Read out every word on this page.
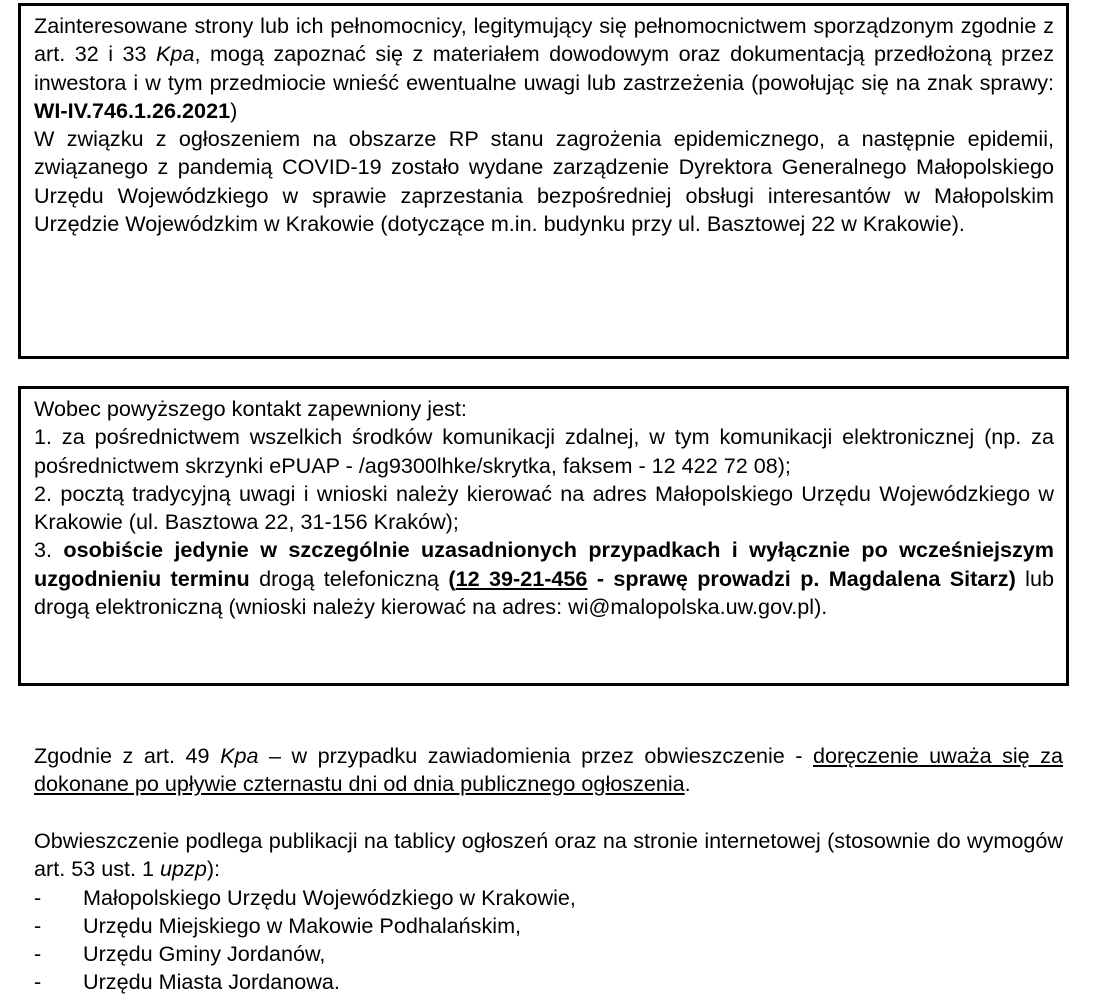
Zainteresowane strony lub ich pełnomocnicy, legitymujący się pełnomocnictwem sporządzonym zgodnie z art. 32 i 33 Kpa, mogą zapoznać się z materiałem dowodowym oraz dokumentacją przedłożoną przez inwestora i w tym przedmiocie wnieść ewentualne uwagi lub zastrzeżenia (powołując się na znak sprawy: WI-IV.746.1.26.2021)

W związku z ogłoszeniem na obszarze RP stanu zagrożenia epidemicznego, a następnie epidemii, związanego z pandemią COVID-19 zostało wydane zarządzenie Dyrektora Generalnego Małopolskiego Urzędu Wojewódzkiego w sprawie zaprzestania bezpośredniej obsługi interesantów w Małopolskim Urzędzie Wojewódzkim w Krakowie (dotyczące m.in. budynku przy ul. Basztowej 22 w Krakowie).

Wobec powyższego kontakt zapewniony jest:

1. za pośrednictwem wszelkich środków komunikacji zdalnej, w tym komunikacji elektronicznej (np. za pośrednictwem skrzynki ePUAP - /ag9300lhke/skrytka, faksem - 12 422 72 08);

2. pocztą tradycyjną uwagi i wnioski należy kierować na adres Małopolskiego Urzędu Wojewódzkiego w Krakowie (ul. Basztowa 22, 31-156 Kraków);

3. osobiście jedynie w szczególnie uzasadnionych przypadkach i wyłącznie po wcześniejszym uzgodnieniu terminu drogą telefoniczną (12 39-21-456 - sprawę prowadzi p. Magdalena Sitarz) lub drogą elektroniczną (wnioski należy kierować na adres: wi@malopolska.uw.gov.pl).

Zgodnie z art. 49 Kpa – w przypadku zawiadomienia przez obwieszczenie - doręczenie uważa się za dokonane po upływie czternastu dni od dnia publicznego ogłoszenia.

Obwieszczenie podlega publikacji na tablicy ogłoszeń oraz na stronie internetowej (stosownie do wymogów art. 53 ust. 1 upzp):

- Małopolskiego Urzędu Wojewódzkiego w Krakowie,
- Urzędu Miejskiego w Makowie Podhalańskim,
- Urzędu Gminy Jordanów,
- Urzędu Miasta Jordanowa.
